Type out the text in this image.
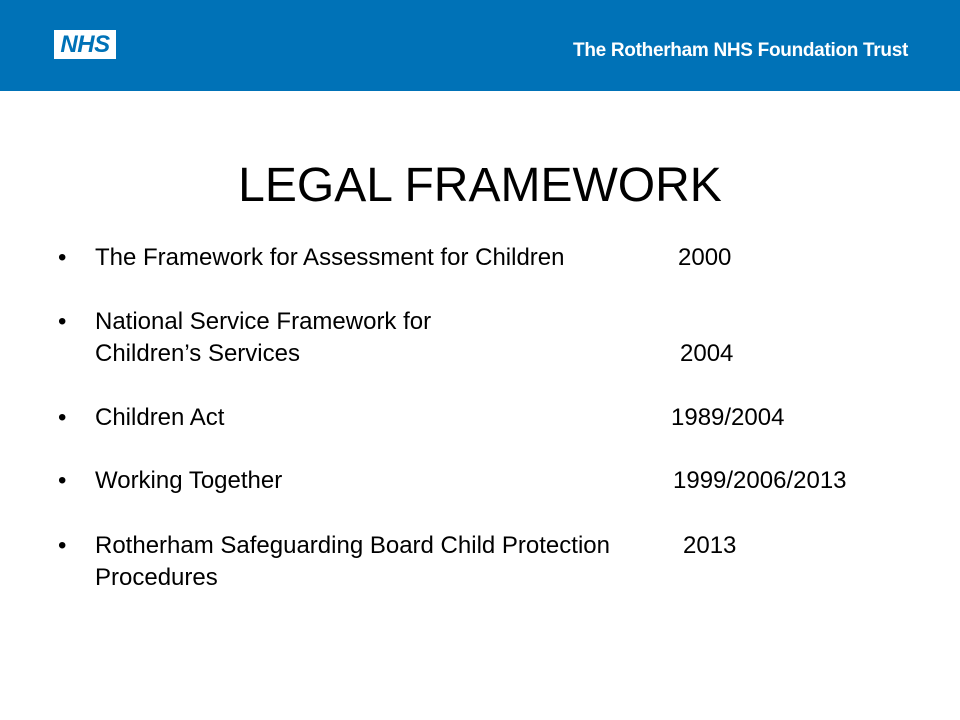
NHS	The Rotherham NHS Foundation Trust
LEGAL FRAMEWORK
• The Framework for Assessment for Children	2000
• National Service Framework for
Children’s Services	2004
• Children Act	1989/2004
• Working Together	1999/2006/2013
• Rotherham Safeguarding Board Child Protection
Procedures
2013
